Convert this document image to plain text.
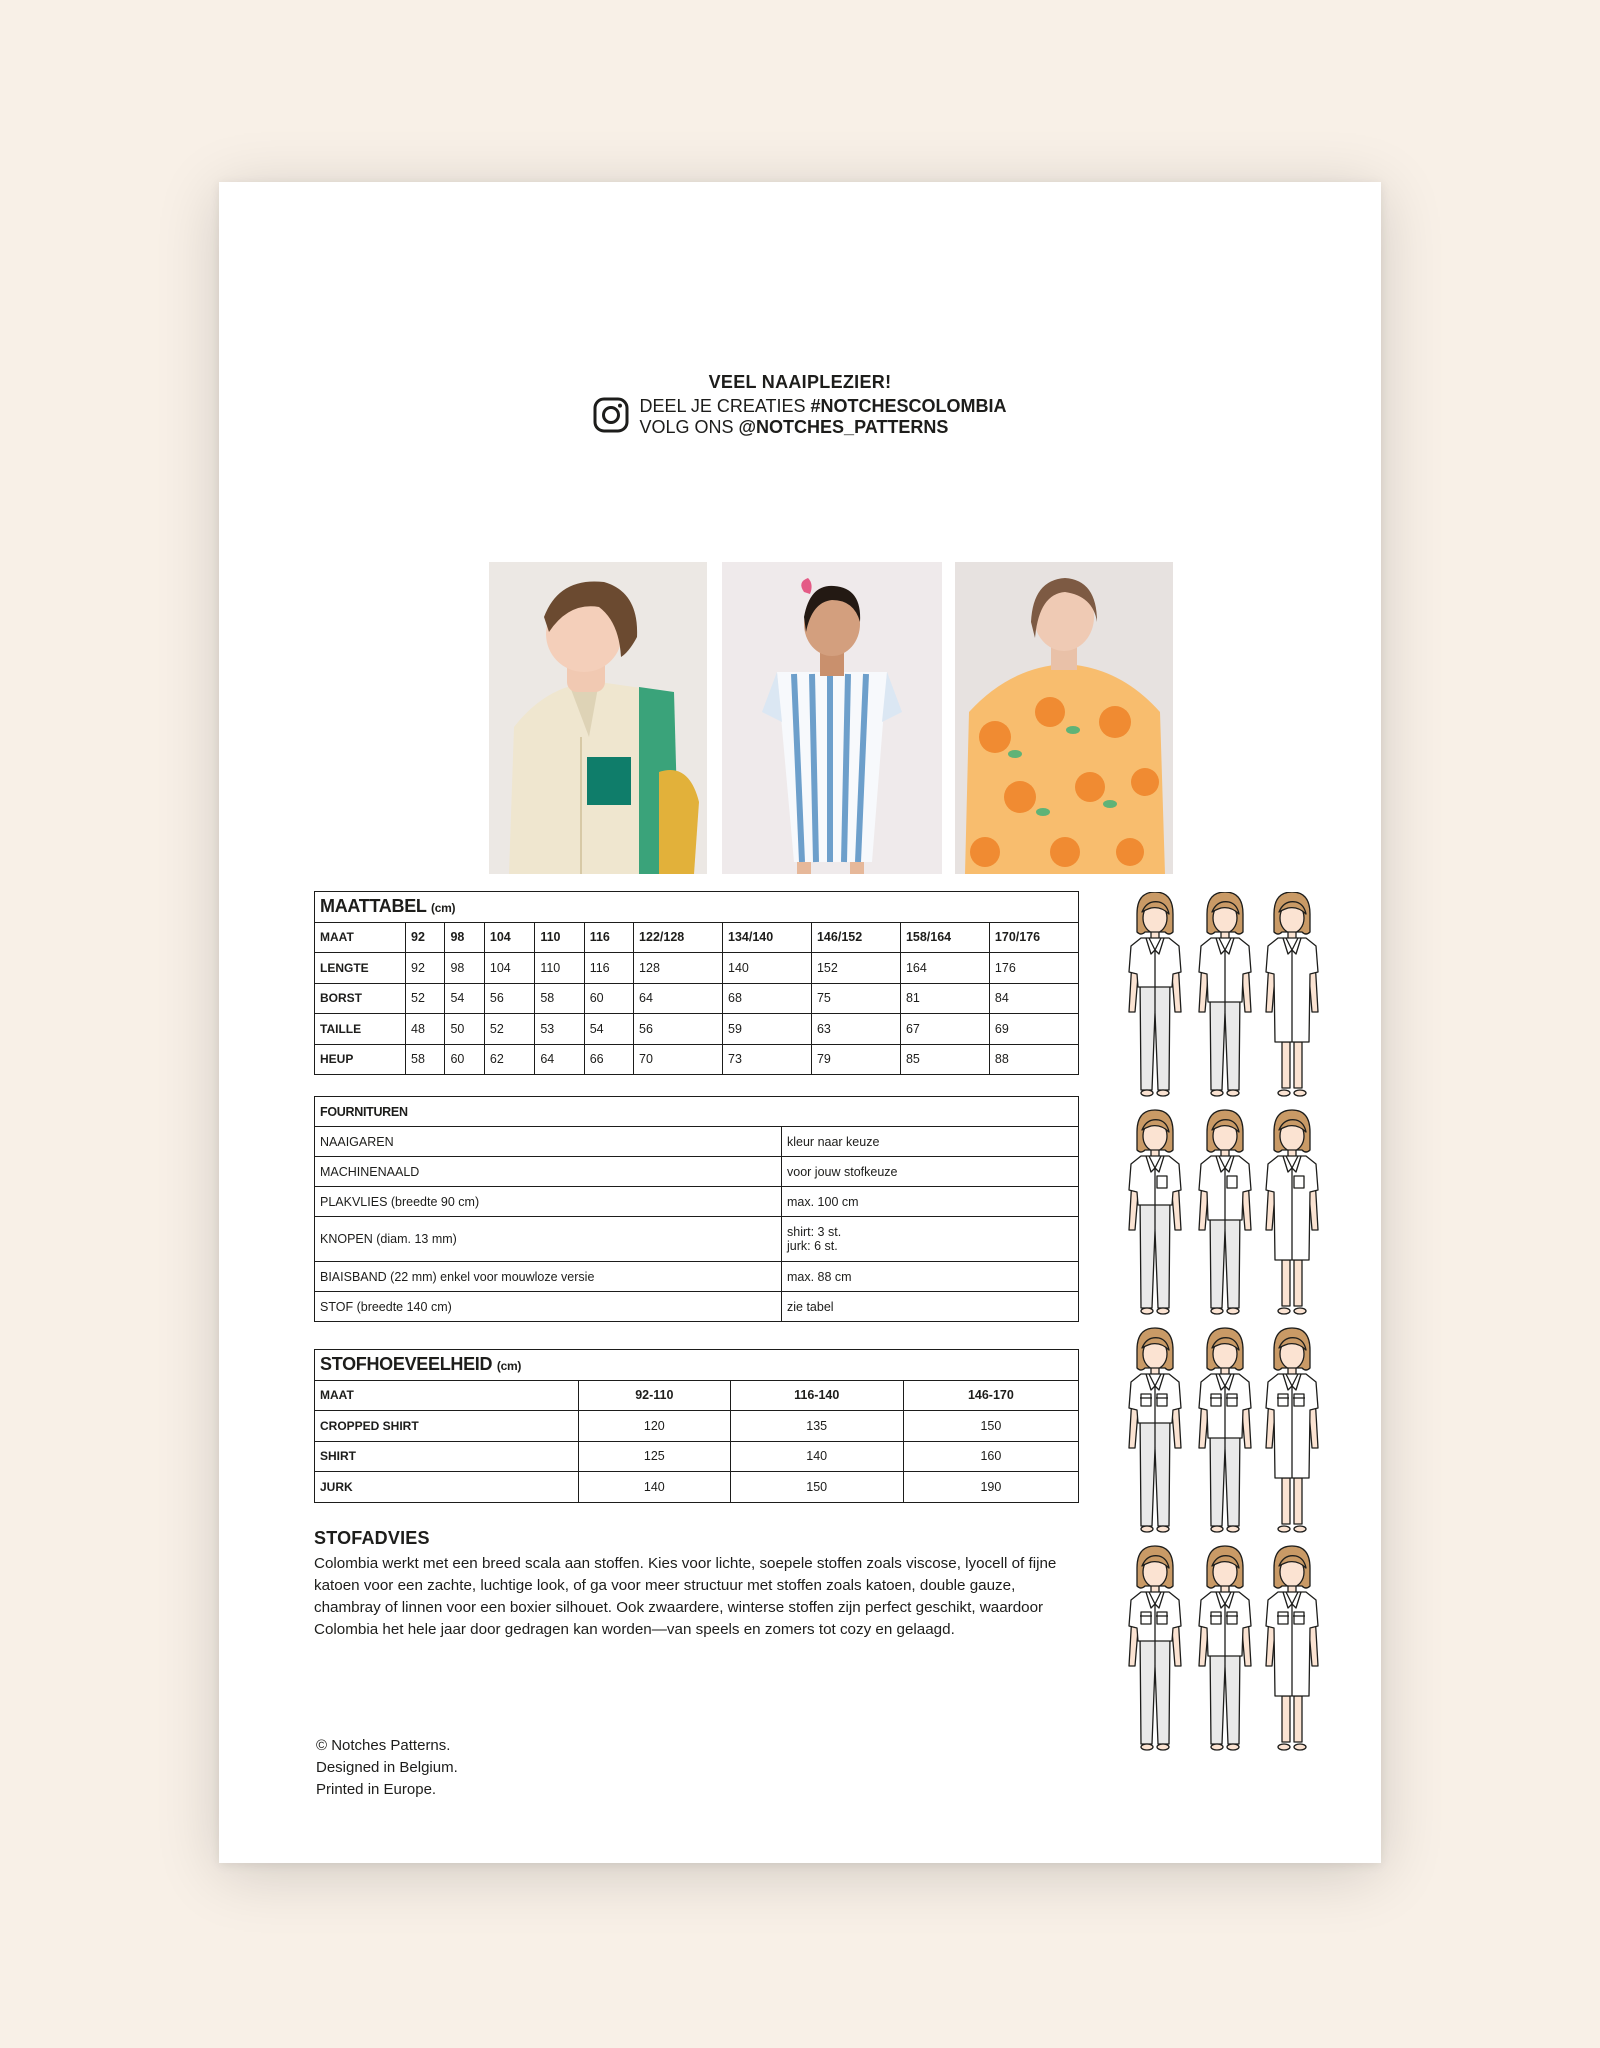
VEEL NAAIPLEZIER!
DEEL JE CREATIES #NOTCHESCOLOMBIA
VOLG ONS @NOTCHES_PATTERNS
MAATTABEL (cm)										
MAAT	92	98	104	110	116	122/128	134/140	146/152	158/164	170/176
LENGTE	92	98	104	110	116	128	140	152	164	176
BORST	52	54	56	58	60	64	68	75	81	84
TAILLE	48	50	52	53	54	56	59	63	67	69
HEUP	58	60	62	64	66	70	73	79	85	88
FOURNITUREN	
NAAIGAREN	kleur naar keuze
MACHINENAALD	voor jouw stofkeuze
PLAKVLIES (breedte 90 cm)	max. 100 cm
KNOPEN (diam. 13 mm)	shirt: 3 st.
jurk: 6 st.

BIAISBAND (22 mm) enkel voor mouwloze versie	max. 88 cm
STOF (breedte 140 cm)	zie tabel
STOFHOEVEELHEID (cm)			
MAAT	92-110	116-140	146-170
CROPPED SHIRT	120	135	150
SHIRT	125	140	160
JURK	140	150	190
STOFADVIES

Colombia werkt met een breed scala aan stoffen. Kies voor lichte, soepele stoffen zoals viscose, lyocell of fijne katoen voor een zachte, luchtige look, of ga voor meer structuur met stoffen zoals katoen, double gauze, chambray of linnen voor een boxier silhouet. Ook zwaardere, winterse stoffen zijn perfect geschikt, waardoor Colombia het hele jaar door gedragen kan worden—van speels en zomers tot cozy en gelaagd.

© Notches Patterns.
Designed in Belgium.
Printed in Europe.
